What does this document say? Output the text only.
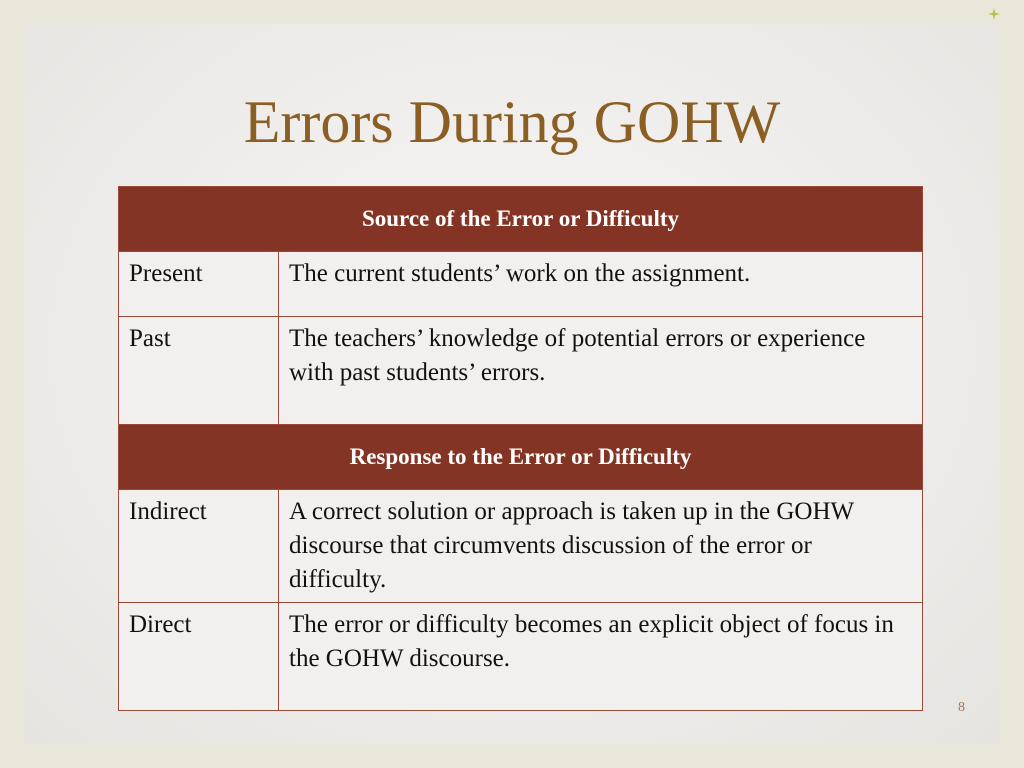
Errors During GOHW
Source of the Error or Difficulty	
Present	The current students’ work on the assignment.
Past	The teachers’ knowledge of potential errors or experience with past students’ errors.
Response to the Error or Difficulty	
Indirect	A correct solution or approach is taken up in the GOHW discourse that circumvents discussion of the error or difficulty.
Direct	The error or difficulty becomes an explicit object of focus in the GOHW discourse.
8
